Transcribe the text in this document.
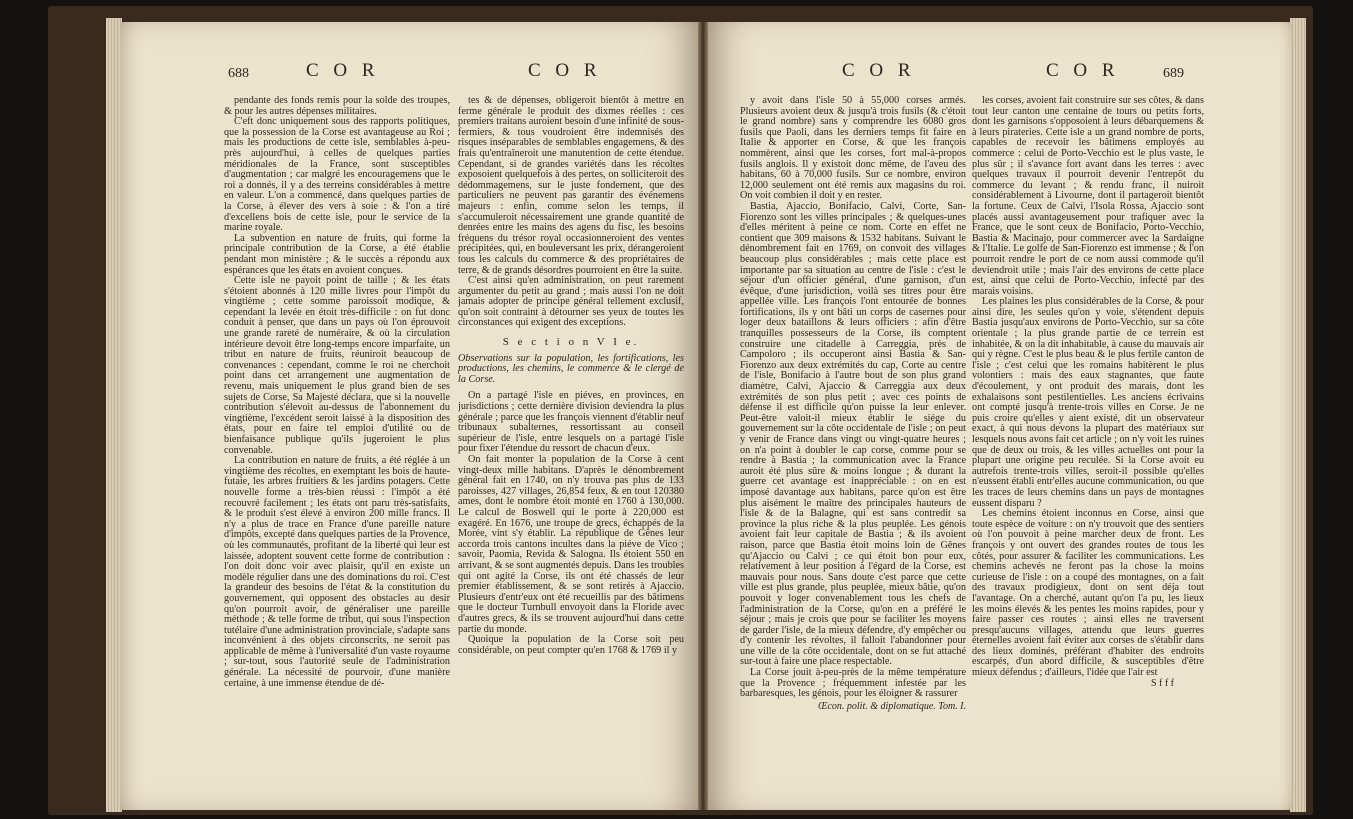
688	C O R	C O R

pendante des fonds remis pour la solde des troupes, & pour les autres dépenses militaires.

C'eft donc uniquement sous des rapports politiques, que la possession de la Corse est avantageuse au Roi ; mais les productions de cette isle, semblables à-peu-près aujourd'hui, à celles de quelques parties méridionales de la France, sont susceptibles d'augmentation ; car malgré les encouragemens que le roi a donnés, il y a des terreins considérables à mettre en valeur. L'on a commencé, dans quelques parties de la Corse, à élever des vers à soie : & l'on a tiré d'excellens bois de cette isle, pour le service de la marine royale.

La subvention en nature de fruits, qui forme la principale contribution de la Corse, a été établie pendant mon ministère ; & le succès a répondu aux espérances que les états en avoient conçues.

Cette isle ne payoit point de taille ; & les états s'étoient abonnés à 120 mille livres pour l'impôt du vingtième ; cette somme paroissoit modique, & cependant la levée en étoit très-difficile : on fut donc conduit à penser, que dans un pays où l'on éprouvoit une grande rareté de numéraire, & où la circulation intérieure devoit être long-temps encore imparfaite, un tribut en nature de fruits, réuniroit beaucoup de convenances : cependant, comme le roi ne cherchoit point dans cet arrangement une augmentation de revenu, mais uniquement le plus grand bien de ses sujets de Corse, Sa Majesté déclara, que si la nouvelle contribution s'élevoit au-dessus de l'abonnement du vingtième, l'excédent seroit laissé à la disposition des états, pour en faire tel emploi d'utilité ou de bienfaisance publique qu'ils jugeroient le plus convenable.

La contribution en nature de fruits, a été réglée à un vingtième des récoltes, en exemptant les bois de haute-futaie, les arbres fruitiers & les jardins potagers. Cette nouvelle forme a très-bien réussi : l'impôt a été recouvré facilement ; les états ont paru très-satisfaits, & le produit s'est élevé à environ 200 mille francs. Il n'y a plus de trace en France d'une pareille nature d'impôts, excepté dans quelques parties de la Provence, où les communautés, profitant de la liberté qui leur est laissée, adoptent souvent cette forme de contribution : l'on doit donc voir avec plaisir, qu'il en existe un modèle régulier dans une des dominations du roi. C'est la grandeur des besoins de l'état & la constitution du gouvernement, qui opposent des obstacles au desir qu'on pourroit avoir, de généraliser une pareille méthode ; & telle forme de tribut, qui sous l'inspection tutélaire d'une administration provinciale, s'adapte sans inconvénient à des objets circonscrits, ne seroit pas applicable de même à l'universalité d'un vaste royaume ; sur-tout, sous l'autorité seule de l'administration générale. La nécessité de pourvoir, d'une manière certaine, à une immense étendue de dé-

tes & de dépenses, obligeroit bientôt à mettre en ferme générale le produit des dixmes réelles : ces premiers traitans auroient besoin d'une infinité de sous-fermiers, & tous voudroient être indemnisés des risques inséparables de semblables engagemens, & des frais qu'entraîneroit une manutention de cette étendue. Cependant, si de grandes variétés dans les récoltes exposoient quelquefois à des pertes, on solliciteroit des dédommagemens, sur le juste fondement, que des particuliers ne peuvent pas garantir des événemens majeurs : enfin, comme selon les temps, il s'accumuleroit nécessairement une grande quantité de denrées entre les mains des agens du fisc, les besoins fréquens du trésor royal occasionneroient des ventes précipitées, qui, en bouleversant les prix, dérangeroient tous les calculs du commerce & des propriétaires de terre, & de grands désordres pourroient en être la suite.

C'est ainsi qu'en administration, on peut rarement argumenter du petit au grand ; mais aussi l'on ne doit jamais adopter de principe général tellement exclusif, qu'on soit contraint à détourner ses yeux de toutes les circonstances qui exigent des exceptions.

S e c t i o n V I e.

Observations sur la population, les fortifications, les productions, les chemins, le commerce & le clergé de la Corse.

On a partagé l'isle en piéves, en provinces, en jurisdictions ; cette dernière division deviendra la plus générale ; parce que les françois viennent d'établir neuf tribunaux subalternes, ressortissant au conseil supérieur de l'isle, entre lesquels on a partagé l'isle pour fixer l'étendue du ressort de chacun d'eux.

On fait monter la population de la Corse à cent vingt-deux mille habitans. D'après le dénombrement général fait en 1740, on n'y trouva pas plus de 133 paroisses, 427 villages, 26,854 feux, & en tout 120380 ames, dont le nombre étoit monté en 1760 à 130,000. Le calcul de Boswell qui le porte à 220,000 est exagéré. En 1676, une troupe de grecs, échappés de la Morée, vint s'y établir. La république de Gênes leur accorda trois cantons incultes dans la piéve de Vico ; savoir, Paomia, Revida & Salogna. Ils étoient 550 en arrivant, & se sont augmentés depuis. Dans les troubles qui ont agité la Corse, ils ont été chassés de leur premier établissement, & se sont retirés à Ajaccio. Plusieurs d'entr'eux ont été recueillis par des bâtimens que le docteur Turnbull envoyoit dans la Floride avec d'autres grecs, & ils se trouvent aujourd'hui dans cette partie du monde.

Quoique la population de la Corse soit peu considérable, on peut compter qu'en 1768 & 1769 il y

C O R	C O R	689

y avoit dans l'isle 50 à 55,000 corses armés. Plusieurs avoient deux & jusqu'à trois fusils (& c'étoit le grand nombre) sans y comprendre les 6080 gros fusils que Paoli, dans les derniers temps fit faire en Italie & apporter en Corse, & que les françois nommèrent, ainsi que les corses, fort mal-à-propos fusils anglois. Il y existoit donc même, de l'aveu des habitans, 60 à 70,000 fusils. Sur ce nombre, environ 12,000 seulement ont été remis aux magasins du roi. On voit combien il doit y en rester.

Bastia, Ajaccio, Bonifacio, Calvi, Corte, San-Fiorenzo sont les villes principales ; & quelques-unes d'elles méritent à peine ce nom. Corte en effet ne contient que 309 maisons & 1532 habitans. Suivant le dénombrement fait en 1769, on convoit des villages beaucoup plus considérables ; mais cette place est importante par sa situation au centre de l'isle : c'est le séjour d'un officier général, d'une garnison, d'un évêque, d'une jurisdiction, voilà ses titres pour être appellée ville. Les françois l'ont entourée de bonnes fortifications, ils y ont bâti un corps de casernes pour loger deux bataillons & leurs officiers : afin d'être tranquilles possesseurs de la Corse, ils comptent construire une citadelle à Carreggia, près de Campoloro ; ils occuperont ainsi Bastia & San-Fiorenzo aux deux extrémités du cap, Corte au centre de l'isle, Bonifacio à l'autre bout de son plus grand diamètre, Calvi, Ajaccio & Carreggia aux deux extrémités de son plus petit ; avec ces points de défense il est difficile qu'on puisse la leur enlever. Peut-être valoit-il mieux établir le siége du gouvernement sur la côte occidentale de l'isle ; on peut y venir de France dans vingt ou vingt-quatre heures ; on n'a point à doubler le cap corse, comme pour se rendre à Bastia ; la communication avec la France auroit été plus sûre & moins longue ; & durant la guerre cet avantage est inappréciable : on en est imposé davantage aux habitans, parce qu'on est être plus aisément le maître des principales hauteurs de l'isle & de la Balagne, qui est sans contredit sa province la plus riche & la plus peuplée. Les génois avoient fait leur capitale de Bastia ; & ils avoient raison, parce que Bastia étoit moins loin de Gênes qu'Ajaccio ou Calvi ; ce qui étoit bon pour eux, relativement à leur position à l'égard de la Corse, est mauvais pour nous. Sans doute c'est parce que cette ville est plus grande, plus peuplée, mieux bâtie, qu'on pouvoit y loger convenablement tous les chefs de l'administration de la Corse, qu'on en a préféré le séjour ; mais je crois que pour se faciliter les moyens de garder l'isle, de la mieux défendre, d'y empêcher ou d'y contenir les révoltes, il falloit l'abandonner pour une ville de la côte occidentale, dont on se fut attaché sur-tout à faire une place respectable.

La Corse jouit à-peu-près de la même température que la Provence ; fréquemment infestée par les barbaresques, les génois, pour les éloigner & rassurer

Œcon. polit. & diplomatique. Tom. I.

les corses, avoient fait construire sur ses côtes, & dans tout leur canton une centaine de tours ou petits forts, dont les garnisons s'opposoient à leurs débarquemens & à leurs pirateries. Cette isle a un grand nombre de ports, capables de recevoir les bâtimens employés au commerce : celui de Porto-Vecchio est le plus vaste, le plus sûr ; il s'avance fort avant dans les terres : avec quelques travaux il pourroit devenir l'entrepôt du commerce du levant ; & rendu franc, il nuiroit considérablement à Livourne, dont il partageroit bientôt la fortune. Ceux de Calvi, l'Isola Rossa, Ajaccio sont placés aussi avantageusement pour trafiquer avec la France, que le sont ceux de Bonifacio, Porto-Vecchio, Bastia & Macinajo, pour commercer avec la Sardaigne & l'Italie. Le golfe de San-Fiorenzo est immense ; & l'on pourroit rendre le port de ce nom aussi commode qu'il deviendroit utile ; mais l'air des environs de cette place est, ainsi que celui de Porto-Vecchio, infecté par des marais voisins.

Les plaines les plus considérables de la Corse, & pour ainsi dire, les seules qu'on y voie, s'étendent depuis Bastia jusqu'aux environs de Porto-Vecchio, sur sa côte orientale ; la plus grande partie de ce terrein est inhabitée, & on la dit inhabitable, à cause du mauvais air qui y règne. C'est le plus beau & le plus fertile canton de l'isle ; c'est celui que les romains habitèrent le plus volontiers : mais des eaux stagnantes, que faute d'écoulement, y ont produit des marais, dont les exhalaisons sont pestilentielles. Les anciens écrivains ont compté jusqu'à trente-trois villes en Corse. Je ne puis croire qu'elles y aient existé, dit un observateur exact, à qui nous devons la plupart des matériaux sur lesquels nous avons fait cet article ; on n'y voit les ruines que de deux ou trois, & les villes actuelles ont pour la plupart une origine peu reculée. Si la Corse avoit eu autrefois trente-trois villes, seroit-il possible qu'elles n'eussent établi entr'elles aucune communication, ou que les traces de leurs chemins dans un pays de montagnes eussent disparu ?

Les chemins étoient inconnus en Corse, ainsi que toute espèce de voiture : on n'y trouvoit que des sentiers où l'on pouvoit à peine marcher deux de front. Les françois y ont ouvert des grandes routes de tous les côtés, pour assurer & faciliter les communications. Les chemins achevés ne feront pas la chose la moins curieuse de l'isle : on a coupé des montagnes, on a fait des travaux prodigieux, dont on sent déja tout l'avantage. On a cherché, autant qu'on l'a pu, les lieux les moins élevés & les pentes les moins rapides, pour y faire passer ces routes ; ainsi elles ne traversent presqu'aucuns villages, attendu que leurs guerres éternelles avoient fait éviter aux corses de s'établir dans des lieux dominés, préférant d'habiter des endroits escarpés, d'un abord difficile, & susceptibles d'être mieux défendus ; d'ailleurs, l'idée que l'air est

S f f f
